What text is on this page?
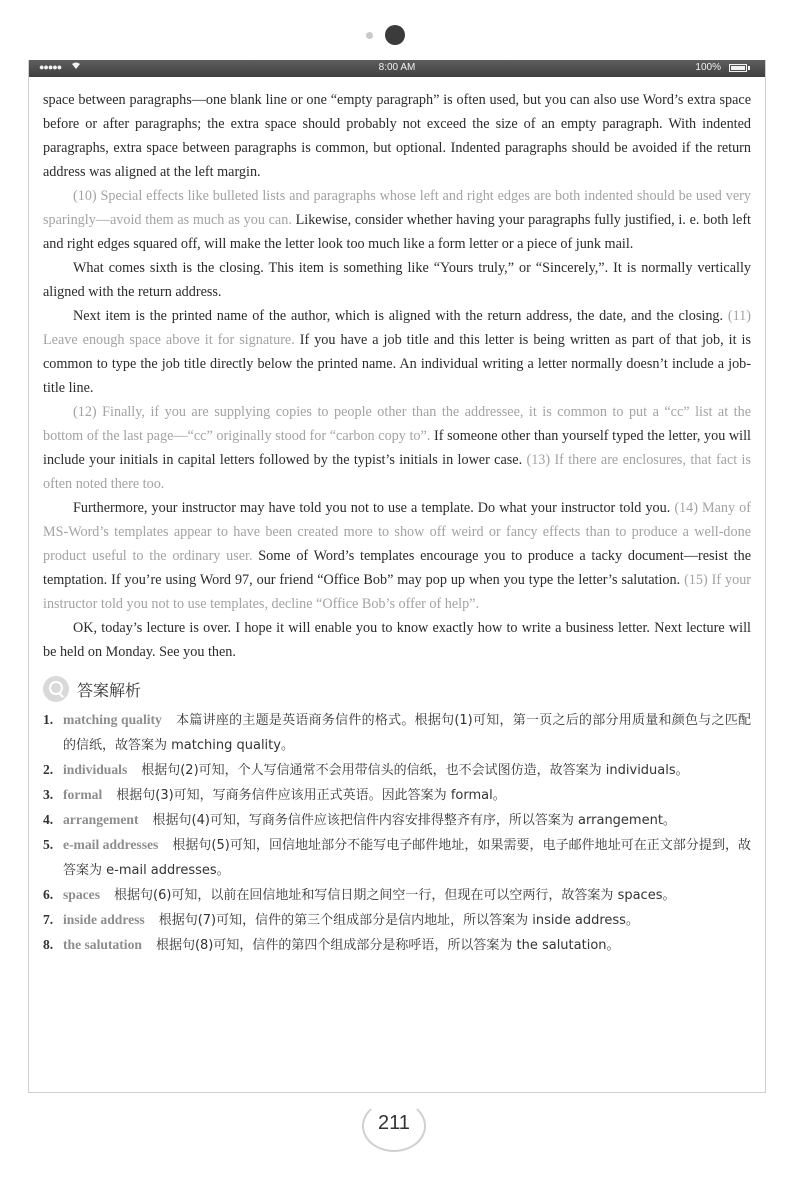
●●●●●	8:00 AM	100%

space between paragraphs—one blank line or one “empty paragraph” is often used, but you can also use Word’s extra space before or after paragraphs; the extra space should probably not exceed the size of an empty paragraph. With indented paragraphs, extra space between paragraphs is common, but optional. Indented paragraphs should be avoided if the return address was aligned at the left margin.

(10) Special effects like bulleted lists and paragraphs whose left and right edges are both indented should be used very sparingly—avoid them as much as you can. Likewise, consider whether having your paragraphs fully justified, i. e. both left and right edges squared off, will make the letter look too much like a form letter or a piece of junk mail.

What comes sixth is the closing. This item is something like “Yours truly,” or “Sincerely,”. It is normally vertically aligned with the return address.

Next item is the printed name of the author, which is aligned with the return address, the date, and the closing. (11) Leave enough space above it for signature. If you have a job title and this letter is being written as part of that job, it is common to type the job title directly below the printed name. An individual writing a letter normally doesn’t include a job-title line.

(12) Finally, if you are supplying copies to people other than the addressee, it is common to put a “cc” list at the bottom of the last page—“cc” originally stood for “carbon copy to”. If someone other than yourself typed the letter, you will include your initials in capital letters followed by the typist’s initials in lower case. (13) If there are enclosures, that fact is often noted there too.

Furthermore, your instructor may have told you not to use a template. Do what your instructor told you. (14) Many of MS-Word’s templates appear to have been created more to show off weird or fancy effects than to produce a well-done product useful to the ordinary user. Some of Word’s templates encourage you to produce a tacky document—resist the temptation. If you’re using Word 97, our friend “Office Bob” may pop up when you type the letter’s salutation. (15) If your instructor told you not to use templates, decline “Office Bob’s offer of help”.

OK, today’s lecture is over. I hope it will enable you to know exactly how to write a business letter. Next lecture will be held on Monday. See you then.

答案解析
1. matching quality 本篇讲座的主题是英语商务信件的格式。根据句(1)可知，第一页之后的部分用质量和颜色与之匹配的信纸，故答案为 matching quality。
2. individuals 根据句(2)可知，个人写信通常不会用带信头的信纸，也不会试图仿造，故答案为 individuals。
3. formal 根据句(3)可知，写商务信件应该用正式英语。因此答案为 formal。
4. arrangement 根据句(4)可知，写商务信件应该把信件内容安排得整齐有序，所以答案为 arrangement。
5. e-mail addresses 根据句(5)可知，回信地址部分不能写电子邮件地址，如果需要，电子邮件地址可在正文部分提到，故答案为 e-mail addresses。
6. spaces 根据句(6)可知，以前在回信地址和写信日期之间空一行，但现在可以空两行，故答案为 spaces。
7. inside address 根据句(7)可知，信件的第三个组成部分是信内地址，所以答案为 inside address。
8. the salutation 根据句(8)可知，信件的第四个组成部分是称呼语，所以答案为 the salutation。
211
